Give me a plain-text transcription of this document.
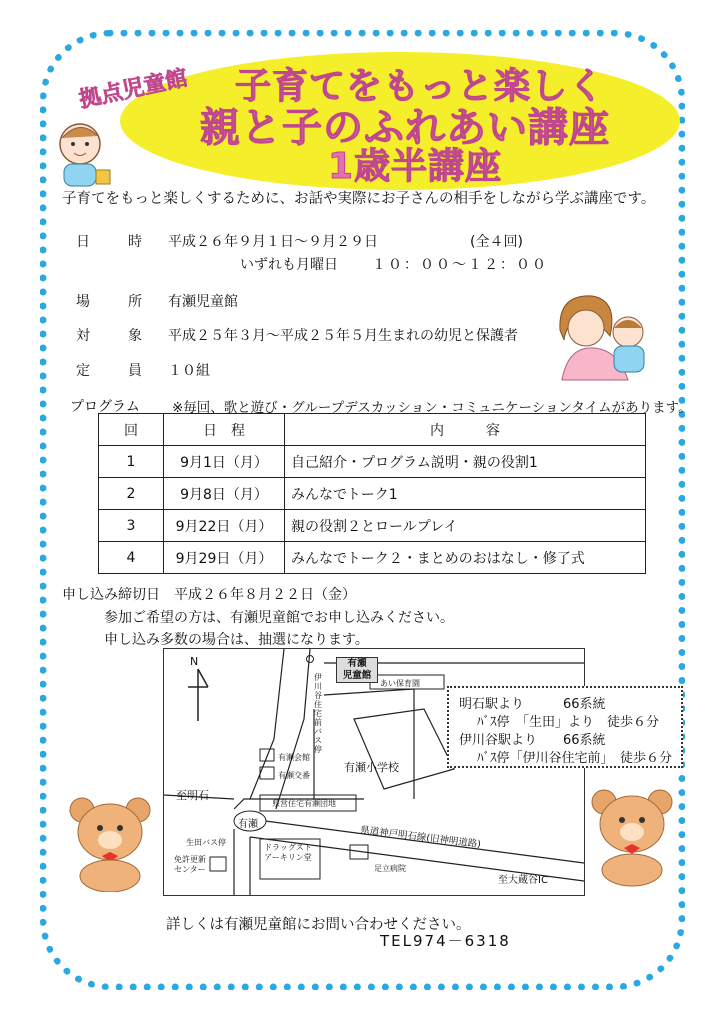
拠点児童館	子育てをもっと楽しく
親と子のふれあい講座
1歳半講座
子育てをもっと楽しくするために、お話や実際にお子さんの相手をしながら学ぶ講座です。
日　時 平成２６年９月１日～９月２９日	(全４回)
いずれも月曜日 １０：００～１２：００
場　所 有瀬児童館
対　象 平成２５年３月～平成２５年５月生まれの幼児と保護者
定　員 １０組
プログラム ※毎回、歌と遊び・グループデスカッション・コミュニケーションタイムがあります。
回	日　程	内　　　容
1	9月1日（月）	自己紹介・プログラム説明・親の役割1
2	9月8日（月）	みんなでトーク1
3	9月22日（月）	親の役割２とロールプレイ
4	9月29日（月）	みんなでトーク２・まとめのおはなし・修了式
申し込み締切日　平成２６年８月２２日（金）
参加ご希望の方は、有瀬児童館でお申し込みください。
申し込み多数の場合は、抽選になります。
N	有瀬
児童館
あい保育園
伊川谷住宅前バス停
有瀬小学校
有瀬会館
有瀬交番
県営住宅有瀬団地
至明石
有瀬
県道神戸明石線(旧神明道路)
生田バス停
免許更新センター
ドラッグストアーキリン堂
足立病院
至大蔵谷IC
明石駅より　　　66系統
ﾊﾞｽ停　「生田」より　徒歩６分
伊川谷駅より　　66系統
ﾊﾞｽ停「伊川谷住宅前」　徒歩６分
詳しくは有瀬児童館にお問い合わせください。
TEL974－6318
